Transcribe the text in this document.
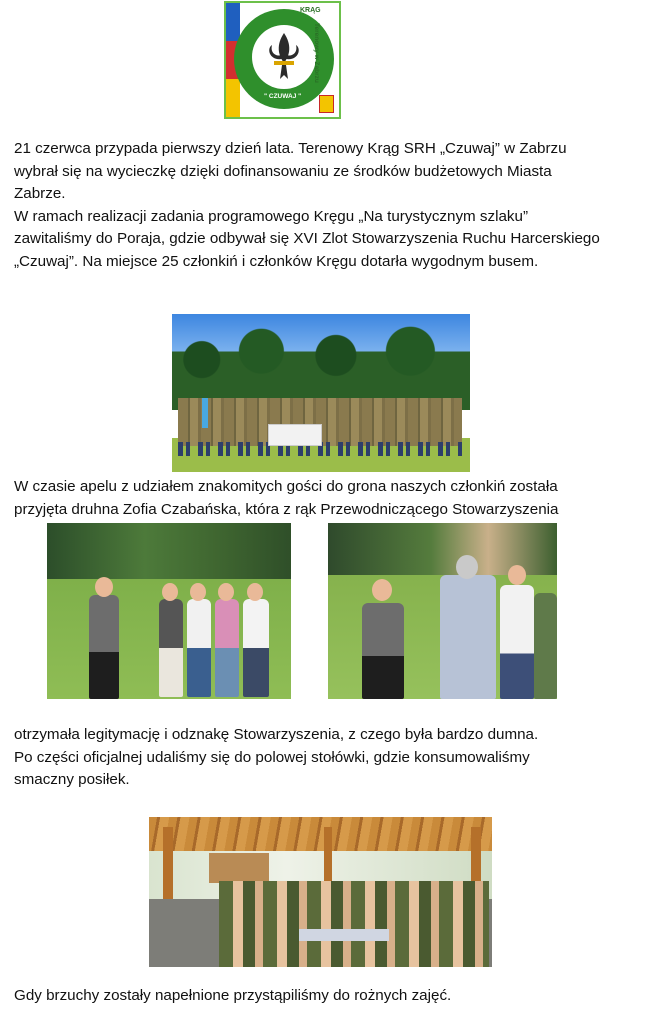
KRĄG
Terenowy w Zabrzu
" CZUWAJ "
21 czerwca przypada pierwszy dzień lata. Terenowy Krąg SRH „Czuwaj” w Zabrzu
wybrał się na wycieczkę dzięki dofinansowaniu ze środków budżetowych Miasta
Zabrze.
W ramach realizacji zadania programowego Kręgu „Na turystycznym szlaku”
zawitaliśmy do Poraja, gdzie odbywał się XVI Zlot Stowarzyszenia Ruchu Harcerskiego
„Czuwaj”. Na miejsce 25 członkiń i członków Kręgu dotarła wygodnym busem.
W czasie apelu z udziałem znakomitych gości do grona naszych członkiń została
przyjęta druhna Zofia Czabańska, która z rąk Przewodniczącego Stowarzyszenia
otrzymała legitymację i odznakę Stowarzyszenia, z czego była bardzo dumna.
Po części oficjalnej udaliśmy się do polowej stołówki, gdzie konsumowaliśmy
smaczny posiłek.
Gdy brzuchy zostały napełnione przystąpiliśmy do rożnych zajęć.
